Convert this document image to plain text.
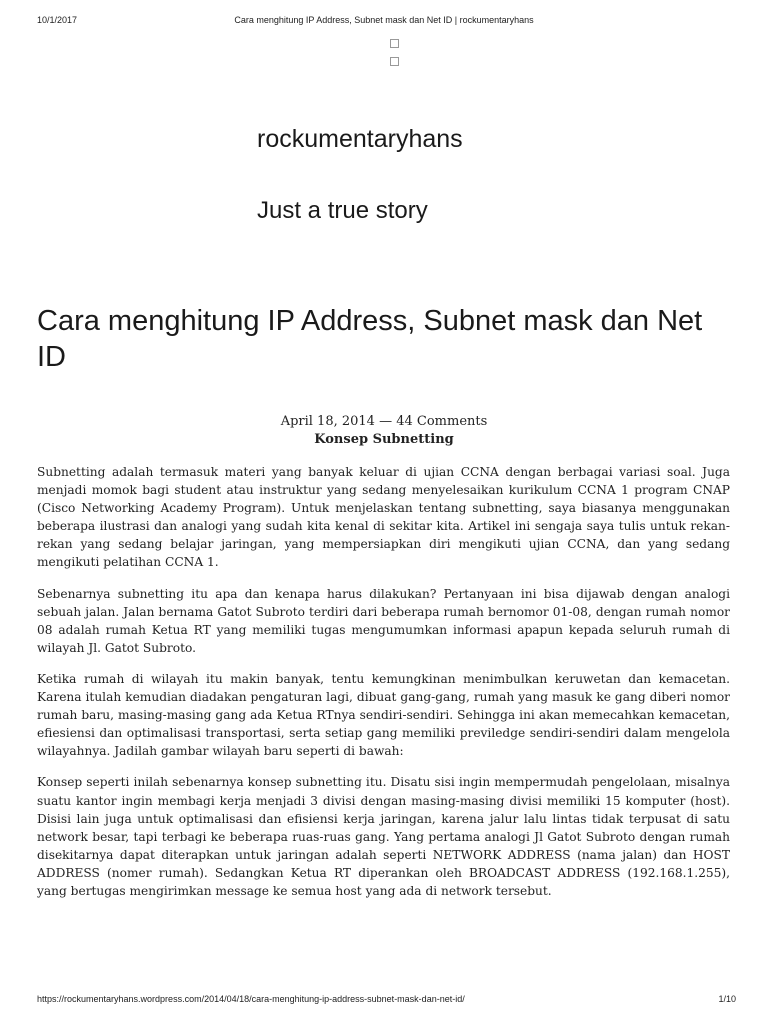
10/1/2017	Cara menghitung IP Address, Subnet mask dan Net ID | rockumentaryhans
rockumentaryhans
Just a true story
Cara menghitung IP Address, Subnet mask dan Net ID
April 18, 2014 — 44 Comments
Konsep Subnetting

Subnetting adalah termasuk materi yang banyak keluar di ujian CCNA dengan berbagai variasi soal. Juga menjadi momok bagi student atau instruktur yang sedang menyelesaikan kurikulum CCNA 1 program CNAP (Cisco Networking Academy Program). Untuk menjelaskan tentang subnetting, saya biasanya menggunakan beberapa ilustrasi dan analogi yang sudah kita kenal di sekitar kita. Artikel ini sengaja saya tulis untuk rekan-rekan yang sedang belajar jaringan, yang mempersiapkan diri mengikuti ujian CCNA, dan yang sedang mengikuti pelatihan CCNA 1.

Sebenarnya subnetting itu apa dan kenapa harus dilakukan? Pertanyaan ini bisa dijawab dengan analogi sebuah jalan. Jalan bernama Gatot Subroto terdiri dari beberapa rumah bernomor 01-08, dengan rumah nomor 08 adalah rumah Ketua RT yang memiliki tugas mengumumkan informasi apapun kepada seluruh rumah di wilayah Jl. Gatot Subroto.

Ketika rumah di wilayah itu makin banyak, tentu kemungkinan menimbulkan keruwetan dan kemacetan. Karena itulah kemudian diadakan pengaturan lagi, dibuat gang-gang, rumah yang masuk ke gang diberi nomor rumah baru, masing-masing gang ada Ketua RTnya sendiri-sendiri. Sehingga ini akan memecahkan kemacetan, efiesiensi dan optimalisasi transportasi, serta setiap gang memiliki previledge sendiri-sendiri dalam mengelola wilayahnya. Jadilah gambar wilayah baru seperti di bawah:

Konsep seperti inilah sebenarnya konsep subnetting itu. Disatu sisi ingin mempermudah pengelolaan, misalnya suatu kantor ingin membagi kerja menjadi 3 divisi dengan masing-masing divisi memiliki 15 komputer (host). Disisi lain juga untuk optimalisasi dan efisiensi kerja jaringan, karena jalur lalu lintas tidak terpusat di satu network besar, tapi terbagi ke beberapa ruas-ruas gang. Yang pertama analogi Jl Gatot Subroto dengan rumah disekitarnya dapat diterapkan untuk jaringan adalah seperti NETWORK ADDRESS (nama jalan) dan HOST ADDRESS (nomer rumah). Sedangkan Ketua RT diperankan oleh BROADCAST ADDRESS (192.168.1.255), yang bertugas mengirimkan message ke semua host yang ada di network tersebut.

https://rockumentaryhans.wordpress.com/2014/04/18/cara-menghitung-ip-address-subnet-mask-dan-net-id/	1/10
